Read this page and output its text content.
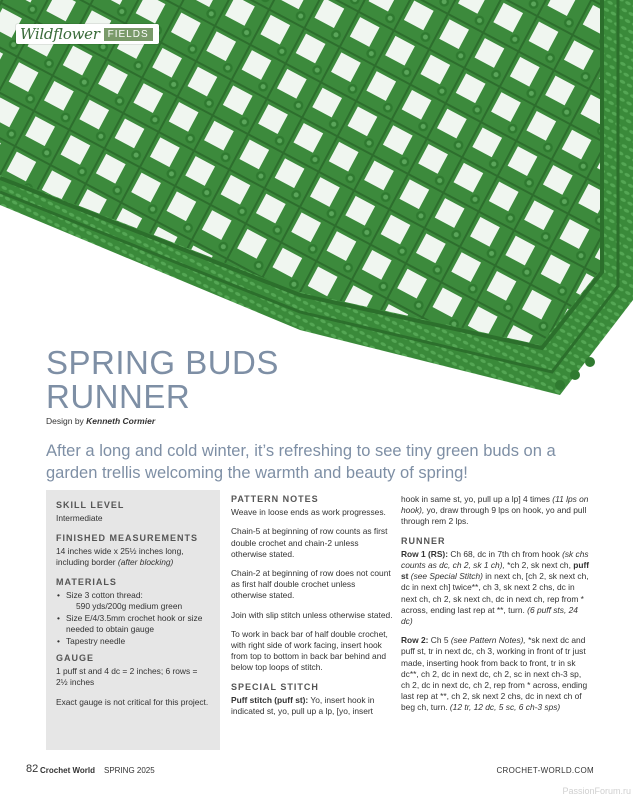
Wildflower FIELDS
SPRING BUDS
RUNNER
Design by Kenneth Cormier

After a long and cold winter, it’s refreshing to see tiny green buds on a garden trellis welcoming the warmth and beauty of spring!

SKILL LEVEL

Intermediate

FINISHED MEASUREMENTS

14 inches wide x 25½ inches long, including border (after blocking)

MATERIALS
• Size 3 cotton thread:
590 yds/200g medium green
• Size E/4/3.5mm crochet hook or size needed to obtain gauge
• Tapestry needle
GAUGE

1 puff st and 4 dc = 2 inches; 6 rows = 2½ inches

Exact gauge is not critical for this project.

PATTERN NOTES

Weave in loose ends as work progresses.

Chain-5 at beginning of row counts as first double crochet and chain-2 unless otherwise stated.

Chain-2 at beginning of row does not count as first half double crochet unless otherwise stated.

Join with slip stitch unless otherwise stated.

To work in back bar of half double crochet, with right side of work facing, insert hook from top to bottom in back bar behind and below top loops of stitch.

SPECIAL STITCH

Puff stitch (puff st): Yo, insert hook in indicated st, yo, pull up a lp, [yo, insert

hook in same st, yo, pull up a lp] 4 times (11 lps on hook), yo, draw through 9 lps on hook, yo and pull through rem 2 lps.

RUNNER

Row 1 (RS): Ch 68, dc in 7th ch from hook (sk chs counts as dc, ch 2, sk 1 ch), *ch 2, sk next ch, puff st (see Special Stitch) in next ch, [ch 2, sk next ch, dc in next ch] twice**, ch 3, sk next 2 chs, dc in next ch, ch 2, sk next ch, dc in next ch, rep from * across, ending last rep at **, turn. (6 puff sts, 24 dc)

Row 2: Ch 5 (see Pattern Notes), *sk next dc and puff st, tr in next dc, ch 3, working in front of tr just made, inserting hook from back to front, tr in sk dc**, ch 2, dc in next dc, ch 2, sc in next ch-3 sp, ch 2, dc in next dc, ch 2, rep from * across, ending last rep at **, ch 2, sk next 2 chs, dc in next ch of beg ch, turn. (12 tr, 12 dc, 5 sc, 6 ch-3 sps)

82 Crochet World SPRING 2025	CROCHET-WORLD.COM
PassionForum.ru
